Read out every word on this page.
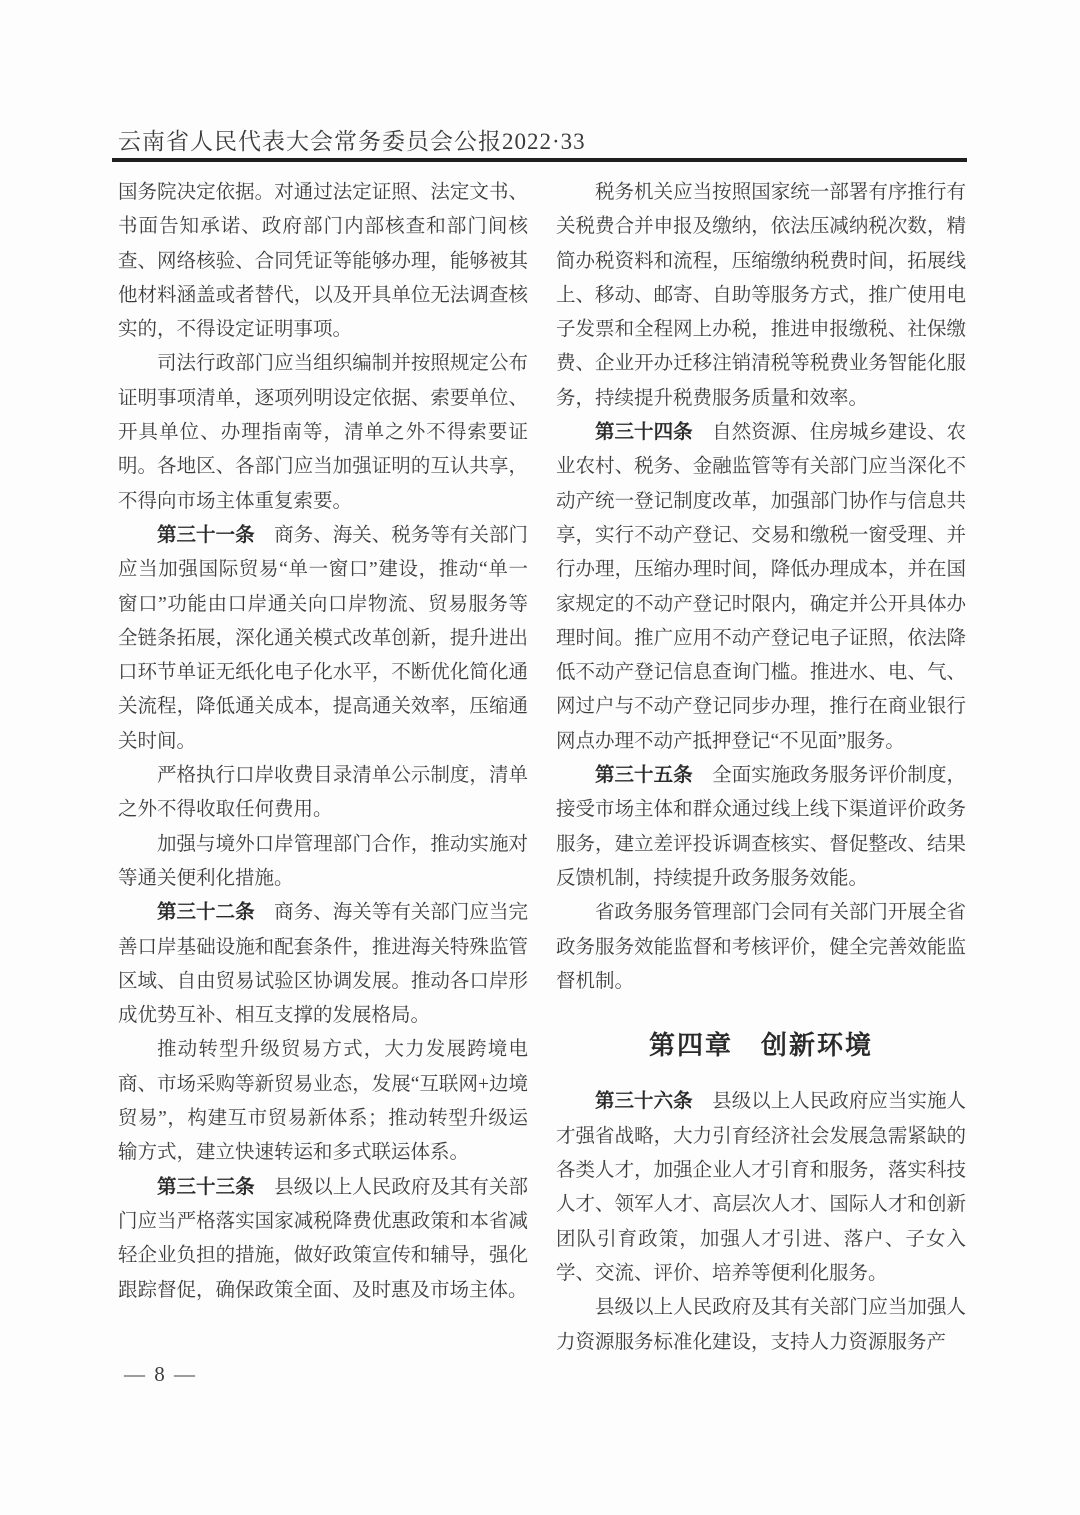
云南省人民代表大会常务委员会公报2022·33

国务院决定依据。对通过法定证照、法定文书、书面告知承诺、政府部门内部核查和部门间核查、网络核验、合同凭证等能够办理，能够被其他材料涵盖或者替代，以及开具单位无法调查核实的，不得设定证明事项。

司法行政部门应当组织编制并按照规定公布证明事项清单，逐项列明设定依据、索要单位、开具单位、办理指南等，清单之外不得索要证明。各地区、各部门应当加强证明的互认共享，不得向市场主体重复索要。

第三十一条　商务、海关、税务等有关部门应当加强国际贸易“单一窗口”建设，推动“单一窗口”功能由口岸通关向口岸物流、贸易服务等全链条拓展，深化通关模式改革创新，提升进出口环节单证无纸化电子化水平，不断优化简化通关流程，降低通关成本，提高通关效率，压缩通关时间。

严格执行口岸收费目录清单公示制度，清单之外不得收取任何费用。

加强与境外口岸管理部门合作，推动实施对等通关便利化措施。

第三十二条　商务、海关等有关部门应当完善口岸基础设施和配套条件，推进海关特殊监管区域、自由贸易试验区协调发展。推动各口岸形成优势互补、相互支撑的发展格局。

推动转型升级贸易方式，大力发展跨境电商、市场采购等新贸易业态，发展“互联网+边境贸易”，构建互市贸易新体系；推动转型升级运输方式，建立快速转运和多式联运体系。

第三十三条　县级以上人民政府及其有关部门应当严格落实国家减税降费优惠政策和本省减轻企业负担的措施，做好政策宣传和辅导，强化跟踪督促，确保政策全面、及时惠及市场主体。

税务机关应当按照国家统一部署有序推行有关税费合并申报及缴纳，依法压减纳税次数，精简办税资料和流程，压缩缴纳税费时间，拓展线上、移动、邮寄、自助等服务方式，推广使用电子发票和全程网上办税，推进申报缴税、社保缴费、企业开办迁移注销清税等税费业务智能化服务，持续提升税费服务质量和效率。

第三十四条　自然资源、住房城乡建设、农业农村、税务、金融监管等有关部门应当深化不动产统一登记制度改革，加强部门协作与信息共享，实行不动产登记、交易和缴税一窗受理、并行办理，压缩办理时间，降低办理成本，并在国家规定的不动产登记时限内，确定并公开具体办理时间。推广应用不动产登记电子证照，依法降低不动产登记信息查询门槛。推进水、电、气、网过户与不动产登记同步办理，推行在商业银行网点办理不动产抵押登记“不见面”服务。

第三十五条　全面实施政务服务评价制度，接受市场主体和群众通过线上线下渠道评价政务服务，建立差评投诉调查核实、督促整改、结果反馈机制，持续提升政务服务效能。

省政务服务管理部门会同有关部门开展全省政务服务效能监督和考核评价，健全完善效能监督机制。

第四章　创新环境

第三十六条　县级以上人民政府应当实施人才强省战略，大力引育经济社会发展急需紧缺的各类人才，加强企业人才引育和服务，落实科技人才、领军人才、高层次人才、国际人才和创新团队引育政策，加强人才引进、落户、子女入学、交流、评价、培养等便利化服务。

县级以上人民政府及其有关部门应当加强人力资源服务标准化建设，支持人力资源服务产

— 8 —
